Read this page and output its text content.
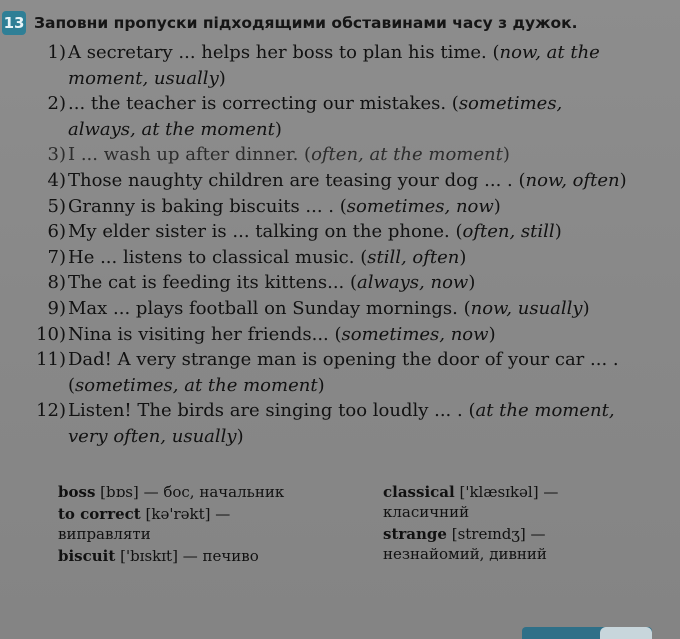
13 Заповни пропуски підходящими обставинами часу з дужок.
1) A secretary ... helps her boss to plan his time. (now, at the moment, usually)
2) ... the teacher is correcting our mistakes. (sometimes, always, at the moment)
3) I ... wash up after dinner. (often, at the moment)
4) Those naughty children are teasing your dog ... . (now, often)
5) Granny is baking biscuits ... . (sometimes, now)
6) My elder sister is ... talking on the phone. (often, still)
7) He ... listens to classical music. (still, often)
8) The cat is feeding its kittens... (always, now)
9) Max ... plays football on Sunday mornings. (now, usually)
10) Nina is visiting her friends... (sometimes, now)
11) Dad! A very strange man is opening the door of your car ... . (sometimes, at the moment)
12) Listen! The birds are singing too loudly ... . (at the moment, very often, usually)
boss [bɒs] — бос, начальник
to correct [kə'rəkt] — виправляти
biscuit ['bɪskɪt] — печиво
classical ['klæsɪkəl] — класичний
strange [streɪndʒ] — незнайомий, дивний
